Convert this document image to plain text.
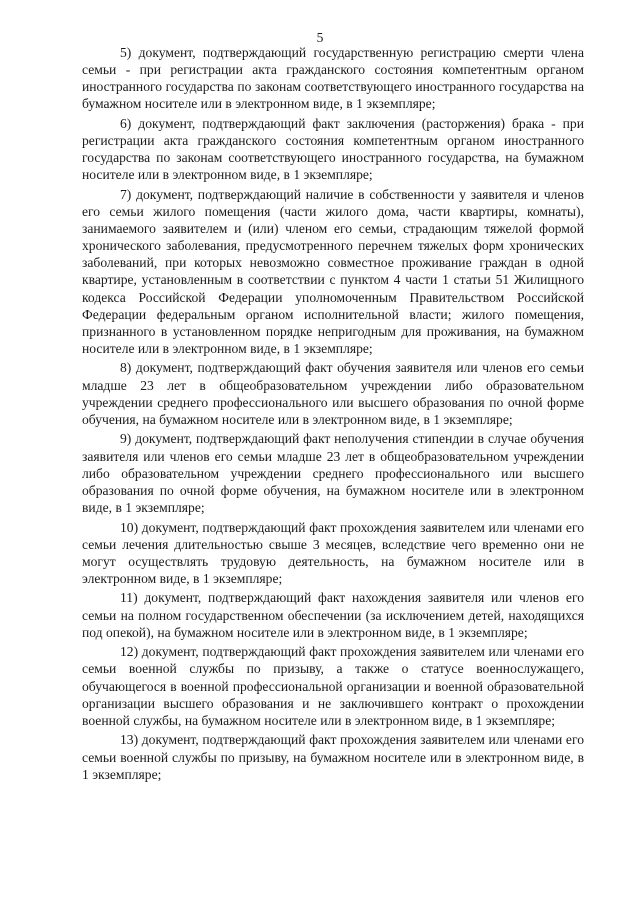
5

5) документ, подтверждающий государственную регистрацию смерти члена семьи - при регистрации акта гражданского состояния компетентным органом иностранного государства по законам соответствующего иностранного государства на бумажном носителе или в электронном виде, в 1 экземпляре;

6) документ, подтверждающий факт заключения (расторжения) брака - при регистрации акта гражданского состояния компетентным органом иностранного государства по законам соответствующего иностранного государства, на бумажном носителе или в электронном виде, в 1 экземпляре;

7) документ, подтверждающий наличие в собственности у заявителя и членов его семьи жилого помещения (части жилого дома, части квартиры, комнаты), занимаемого заявителем и (или) членом его семьи, страдающим тяжелой формой хронического заболевания, предусмотренного перечнем тяжелых форм хронических заболеваний, при которых невозможно совместное проживание граждан в одной квартире, установленным в соответствии с пунктом 4 части 1 статьи 51 Жилищного кодекса Российской Федерации уполномоченным Правительством Российской Федерации федеральным органом исполнительной власти; жилого помещения, признанного в установленном порядке непригодным для проживания, на бумажном носителе или в электронном виде, в 1 экземпляре;

8) документ, подтверждающий факт обучения заявителя или членов его семьи младше 23 лет в общеобразовательном учреждении либо образовательном учреждении среднего профессионального или высшего образования по очной форме обучения, на бумажном носителе или в электронном виде, в 1 экземпляре;

9) документ, подтверждающий факт неполучения стипендии в случае обучения заявителя или членов его семьи младше 23 лет в общеобразовательном учреждении либо образовательном учреждении среднего профессионального или высшего образования по очной форме обучения, на бумажном носителе или в электронном виде, в 1 экземпляре;

10) документ, подтверждающий факт прохождения заявителем или членами его семьи лечения длительностью свыше 3 месяцев, вследствие чего временно они не могут осуществлять трудовую деятельность, на бумажном носителе или в электронном виде, в 1 экземпляре;

11) документ, подтверждающий факт нахождения заявителя или членов его семьи на полном государственном обеспечении (за исключением детей, находящихся под опекой), на бумажном носителе или в электронном виде, в 1 экземпляре;

12) документ, подтверждающий факт прохождения заявителем или членами его семьи военной службы по призыву, а также о статусе военнослужащего, обучающегося в военной профессиональной организации и военной образовательной организации высшего образования и не заключившего контракт о прохождении военной службы, на бумажном носителе или в электронном виде, в 1 экземпляре;

13) документ, подтверждающий факт прохождения заявителем или членами его семьи военной службы по призыву, на бумажном носителе или в электронном виде, в 1 экземпляре;
